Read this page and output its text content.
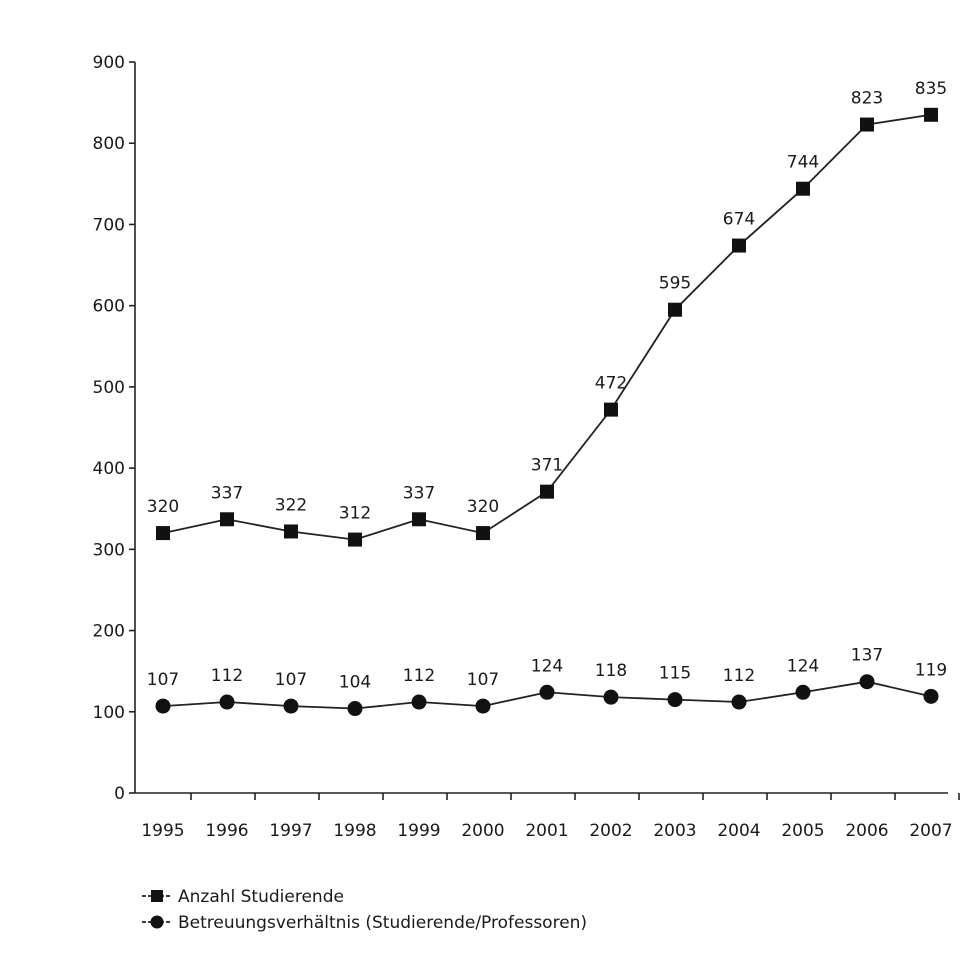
0
100
200
300
400
500
600
700
800
900
1995 1996 1997 1998 1999 2000 2001 2002 2003 2004 2005 2006 2007
320
337
322 312
337
320
371
472
595
674
744
823 835
107 112 107 104 112 107
124 118 115 112 124
137
119
Anzahl Studierende
Betreuungsverhältnis (Studierende/Professoren)
